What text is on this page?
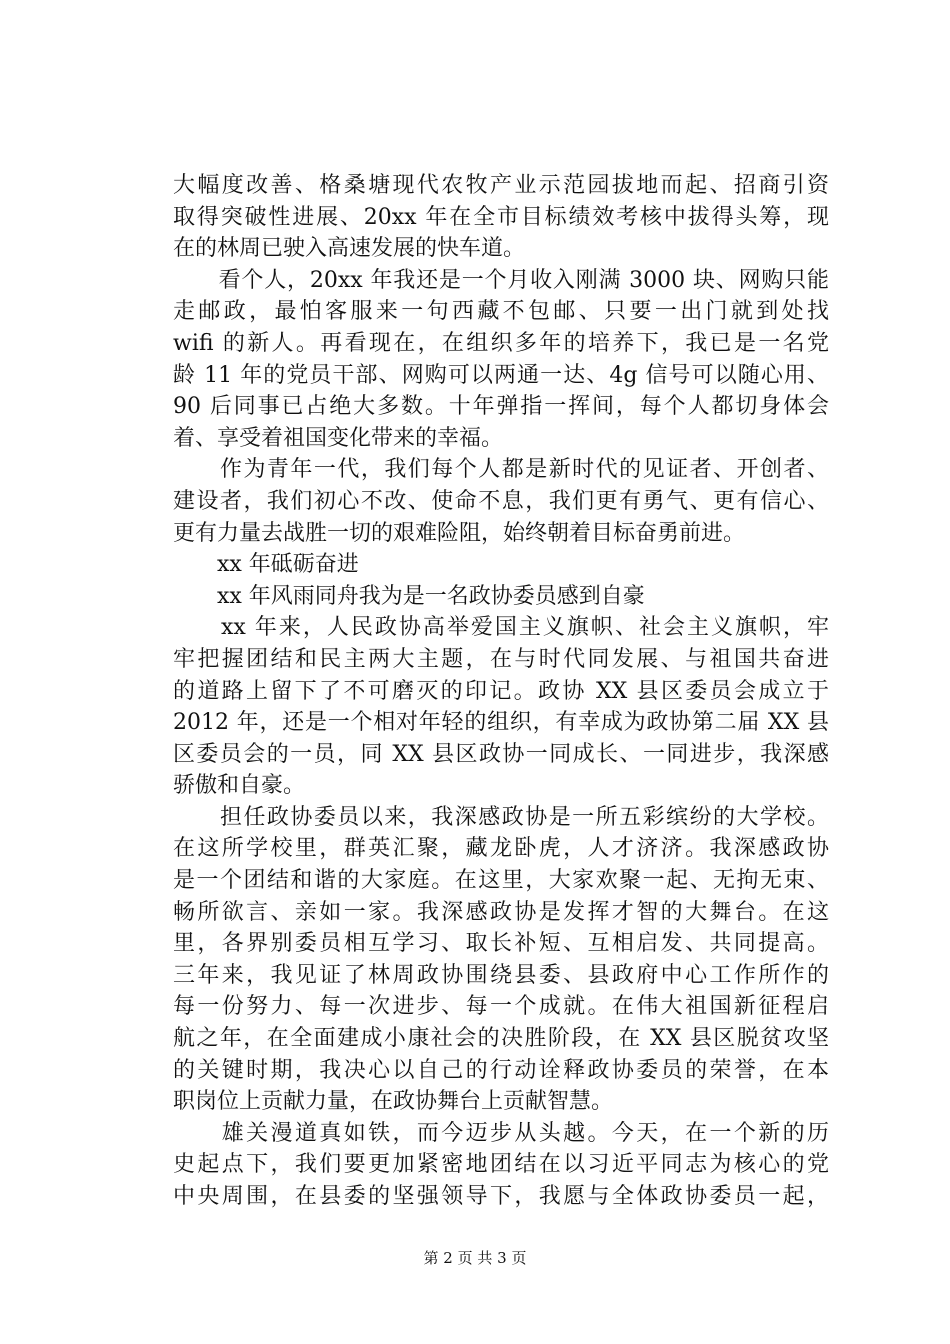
大幅度改善、格桑塘现代农牧产业示范园拔地而起、招商引资
取得突破性进展、20xx 年在全市目标绩效考核中拔得头筹，现
在的林周已驶入高速发展的快车道。
　　看个人，20xx 年我还是一个月收入刚满 3000 块、网购只能
走邮政，最怕客服来一句西藏不包邮、只要一出门就到处找
wifi 的新人。再看现在，在组织多年的培养下，我已是一名党
龄 11 年的党员干部、网购可以两通一达、4g 信号可以随心用、
90 后同事已占绝大多数。十年弹指一挥间，每个人都切身体会
着、享受着祖国变化带来的幸福。
　　作为青年一代，我们每个人都是新时代的见证者、开创者、
建设者，我们初心不改、使命不息，我们更有勇气、更有信心、
更有力量去战胜一切的艰难险阻，始终朝着目标奋勇前进。
　　xx 年砥砺奋进
　　xx 年风雨同舟我为是一名政协委员感到自豪
　　xx 年来，人民政协高举爱国主义旗帜、社会主义旗帜，牢
牢把握团结和民主两大主题，在与时代同发展、与祖国共奋进
的道路上留下了不可磨灭的印记。政协 XX 县区委员会成立于
2012 年，还是一个相对年轻的组织，有幸成为政协第二届 XX 县
区委员会的一员，同 XX 县区政协一同成长、一同进步，我深感
骄傲和自豪。
　　担任政协委员以来，我深感政协是一所五彩缤纷的大学校。
在这所学校里，群英汇聚，藏龙卧虎，人才济济。我深感政协
是一个团结和谐的大家庭。在这里，大家欢聚一起、无拘无束、
畅所欲言、亲如一家。我深感政协是发挥才智的大舞台。在这
里，各界别委员相互学习、取长补短、互相启发、共同提高。
三年来，我见证了林周政协围绕县委、县政府中心工作所作的
每一份努力、每一次进步、每一个成就。在伟大祖国新征程启
航之年，在全面建成小康社会的决胜阶段，在 XX 县区脱贫攻坚
的关键时期，我决心以自己的行动诠释政协委员的荣誉，在本
职岗位上贡献力量，在政协舞台上贡献智慧。
　　雄关漫道真如铁，而今迈步从头越。今天，在一个新的历
史起点下，我们要更加紧密地团结在以习近平同志为核心的党
中央周围，在县委的坚强领导下，我愿与全体政协委员一起，
第 2 页 共 3 页
